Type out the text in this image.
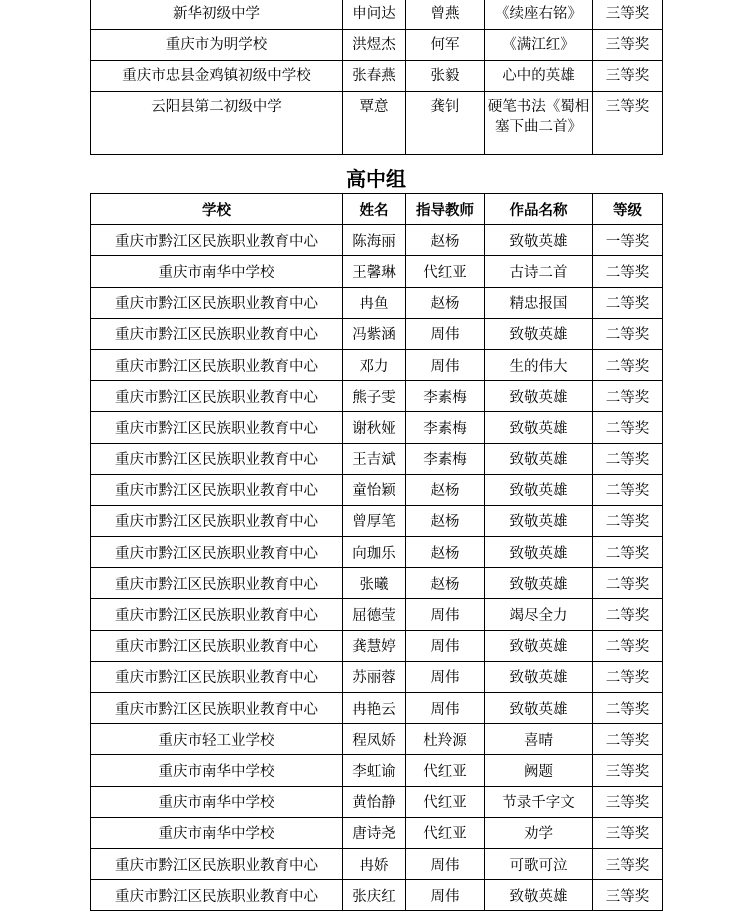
新华初级中学	申问达	曾燕	《续座右铭》	三等奖
重庆市为明学校	洪煜杰	何军	《满江红》	三等奖
重庆市忠县金鸡镇初级中学校	张春燕	张毅	心中的英雄	三等奖
云阳县第二初级中学	覃意	龚钊	硬笔书法《蜀相塞下曲二首》	三等奖
高中组
学校	姓名	指导教师	作品名称	等级
重庆市黔江区民族职业教育中心	陈海丽	赵杨	致敬英雄	一等奖
重庆市南华中学校	王馨琳	代红亚	古诗二首	二等奖
重庆市黔江区民族职业教育中心	冉鱼	赵杨	精忠报国	二等奖
重庆市黔江区民族职业教育中心	冯紫涵	周伟	致敬英雄	二等奖
重庆市黔江区民族职业教育中心	邓力	周伟	生的伟大	二等奖
重庆市黔江区民族职业教育中心	熊子雯	李素梅	致敬英雄	二等奖
重庆市黔江区民族职业教育中心	谢秋娅	李素梅	致敬英雄	二等奖
重庆市黔江区民族职业教育中心	王吉斌	李素梅	致敬英雄	二等奖
重庆市黔江区民族职业教育中心	童怡颖	赵杨	致敬英雄	二等奖
重庆市黔江区民族职业教育中心	曾厚笔	赵杨	致敬英雄	二等奖
重庆市黔江区民族职业教育中心	向珈乐	赵杨	致敬英雄	二等奖
重庆市黔江区民族职业教育中心	张曦	赵杨	致敬英雄	二等奖
重庆市黔江区民族职业教育中心	屈德莹	周伟	竭尽全力	二等奖
重庆市黔江区民族职业教育中心	龚慧婷	周伟	致敬英雄	二等奖
重庆市黔江区民族职业教育中心	苏丽蓉	周伟	致敬英雄	二等奖
重庆市黔江区民族职业教育中心	冉艳云	周伟	致敬英雄	二等奖
重庆市轻工业学校	程凤娇	杜羚源	喜晴	二等奖
重庆市南华中学校	李虹谕	代红亚	阙题	三等奖
重庆市南华中学校	黄怡静	代红亚	节录千字文	三等奖
重庆市南华中学校	唐诗尧	代红亚	劝学	三等奖
重庆市黔江区民族职业教育中心	冉娇	周伟	可歌可泣	三等奖
重庆市黔江区民族职业教育中心	张庆红	周伟	致敬英雄	三等奖
